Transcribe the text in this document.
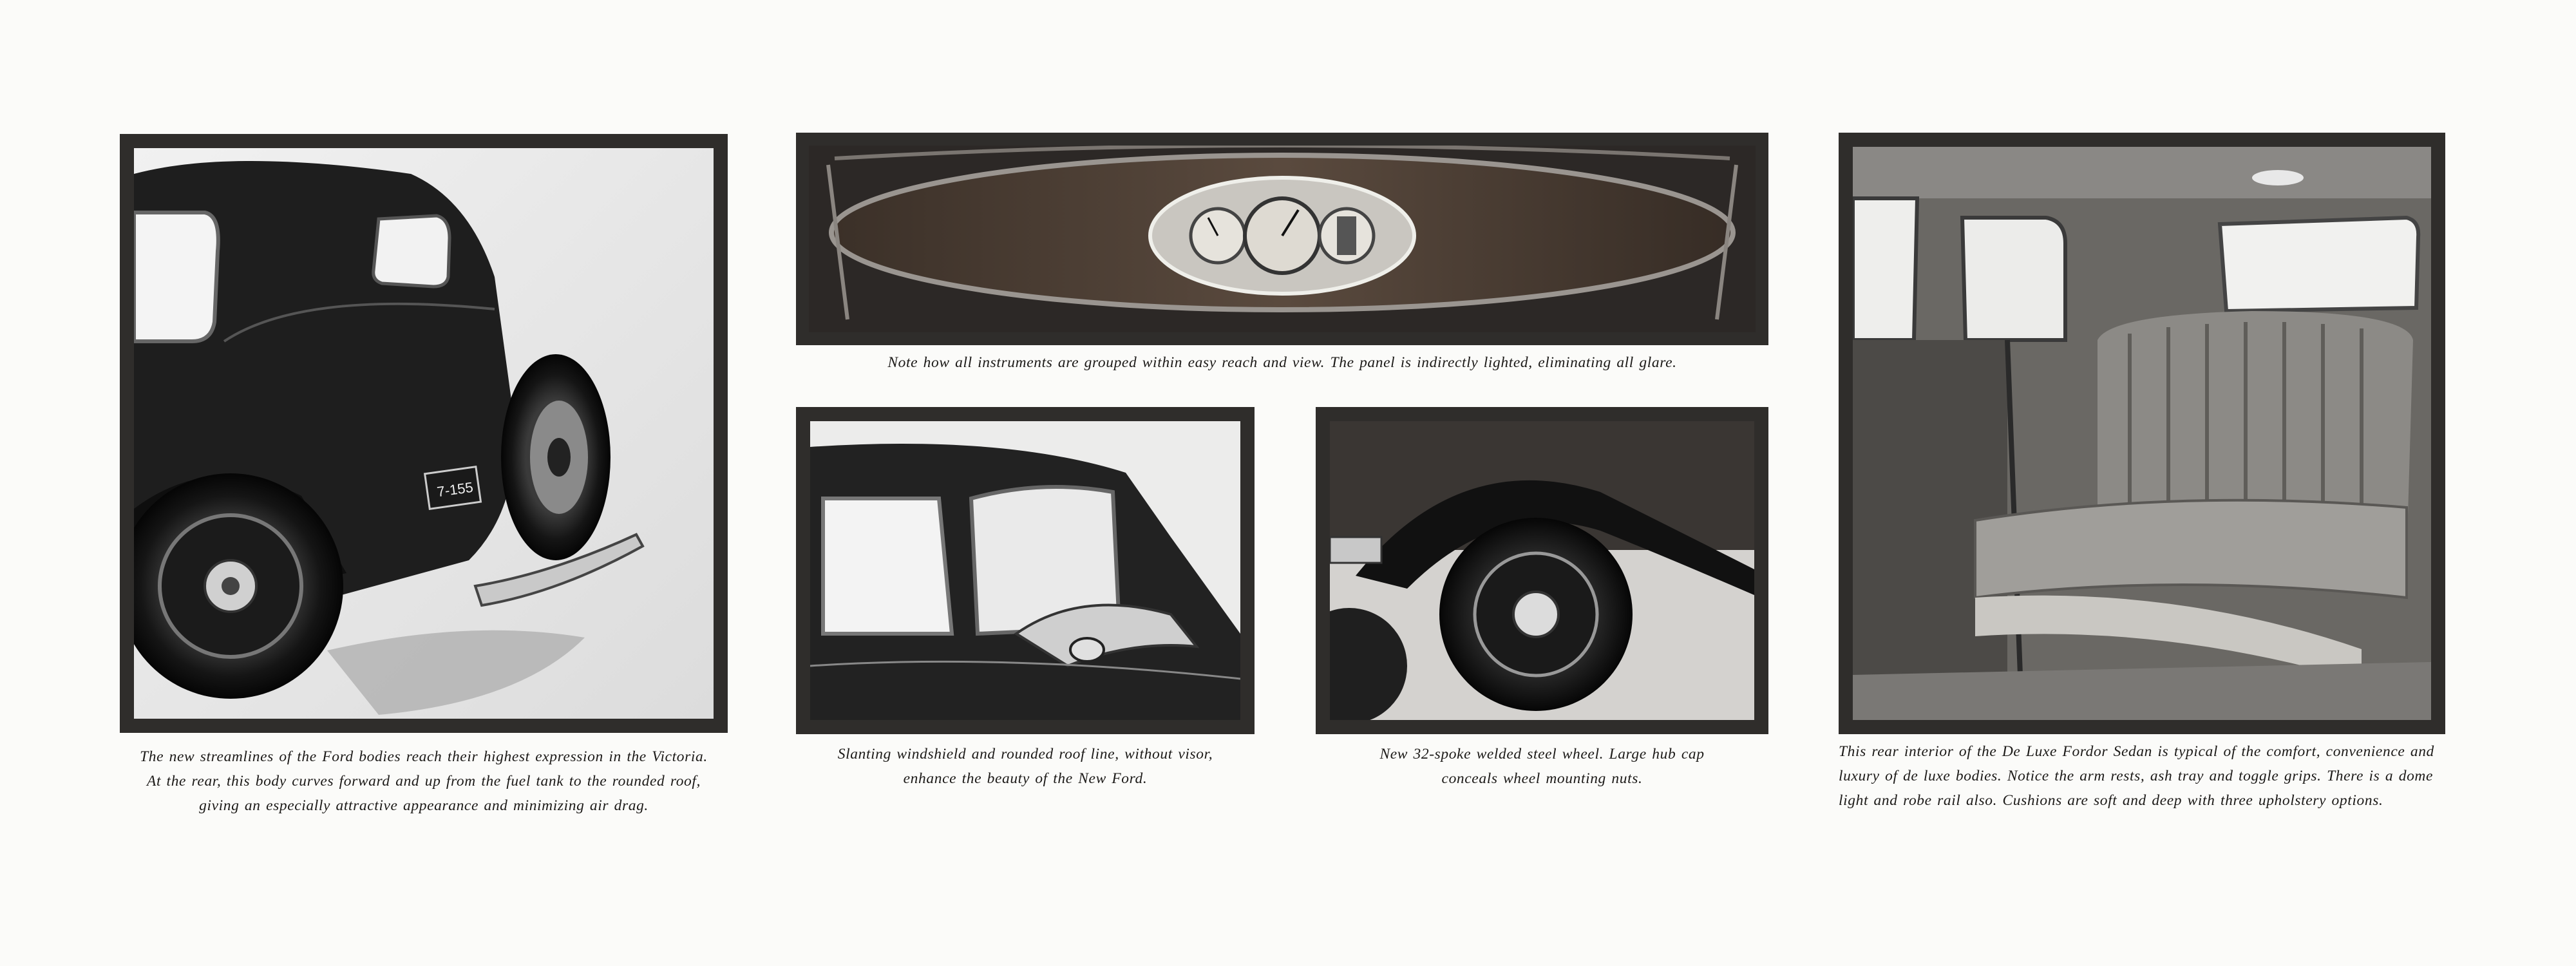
7-155
The new streamlines of the Ford bodies reach their highest expression in the Victoria.
At the rear, this body curves forward and up from the fuel tank to the rounded roof,
giving an especially attractive appearance and minimizing air drag.
Note how all instruments are grouped within easy reach and view. The panel is indirectly lighted, eliminating all glare.
Slanting windshield and rounded roof line, without visor,
enhance the beauty of the New Ford.
New 32-spoke welded steel wheel. Large hub cap
conceals wheel mounting nuts.
This rear interior of the De Luxe Fordor Sedan is typical of the comfort, convenience and
luxury of de luxe bodies. Notice the arm rests, ash tray and toggle grips. There is a dome
light and robe rail also. Cushions are soft and deep with three upholstery options.
